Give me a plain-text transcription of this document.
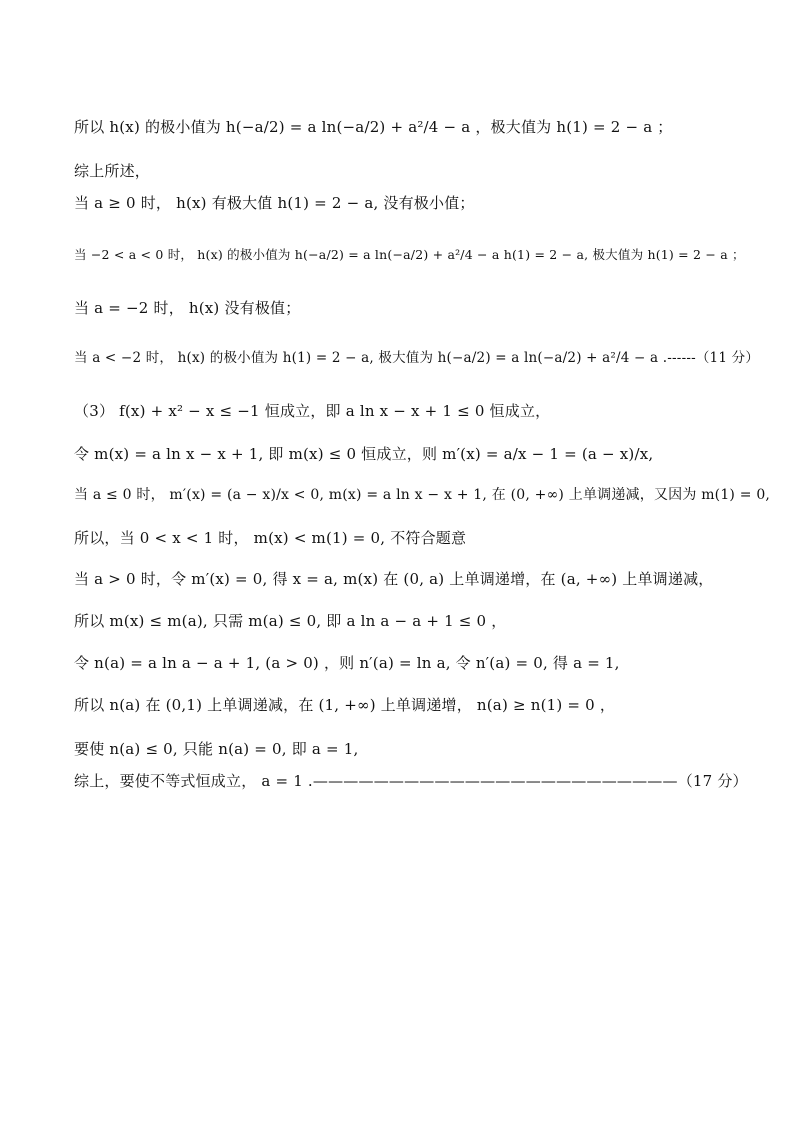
所以 h(x) 的极小值为 h(−a/2) = a ln(−a/2) + a²/4 − a ，极大值为 h(1) = 2 − a ；
综上所述，
当 a ≥ 0 时， h(x) 有极大值 h(1) = 2 − a, 没有极小值；
当 −2 < a < 0 时， h(x) 的极小值为 h(−a/2) = a ln(−a/2) + a²/4 − a h(1) = 2 − a, 极大值为 h(1) = 2 − a ；
当 a = −2 时， h(x) 没有极值；
当 a < −2 时， h(x) 的极小值为 h(1) = 2 − a, 极大值为 h(−a/2) = a ln(−a/2) + a²/4 − a .------（11 分）
（3） f(x) + x² − x ≤ −1 恒成立，即 a ln x − x + 1 ≤ 0 恒成立，
令 m(x) = a ln x − x + 1, 即 m(x) ≤ 0 恒成立，则 m′(x) = a/x − 1 = (a − x)/x,
当 a ≤ 0 时， m′(x) = (a − x)/x < 0, m(x) = a ln x − x + 1, 在 (0, +∞) 上单调递减，又因为 m(1) = 0,
所以，当 0 < x < 1 时， m(x) < m(1) = 0, 不符合题意
当 a > 0 时，令 m′(x) = 0, 得 x = a, m(x) 在 (0, a) 上单调递增，在 (a, +∞) 上单调递减，
所以 m(x) ≤ m(a), 只需 m(a) ≤ 0, 即 a ln a − a + 1 ≤ 0 ，
令 n(a) = a ln a − a + 1, (a > 0) ，则 n′(a) = ln a, 令 n′(a) = 0, 得 a = 1,
所以 n(a) 在 (0,1) 上单调递减，在 (1, +∞) 上单调递增， n(a) ≥ n(1) = 0 ，
要使 n(a) ≤ 0, 只能 n(a) = 0, 即 a = 1,
综上，要使不等式恒成立， a = 1 .————————————————————————（17 分）
